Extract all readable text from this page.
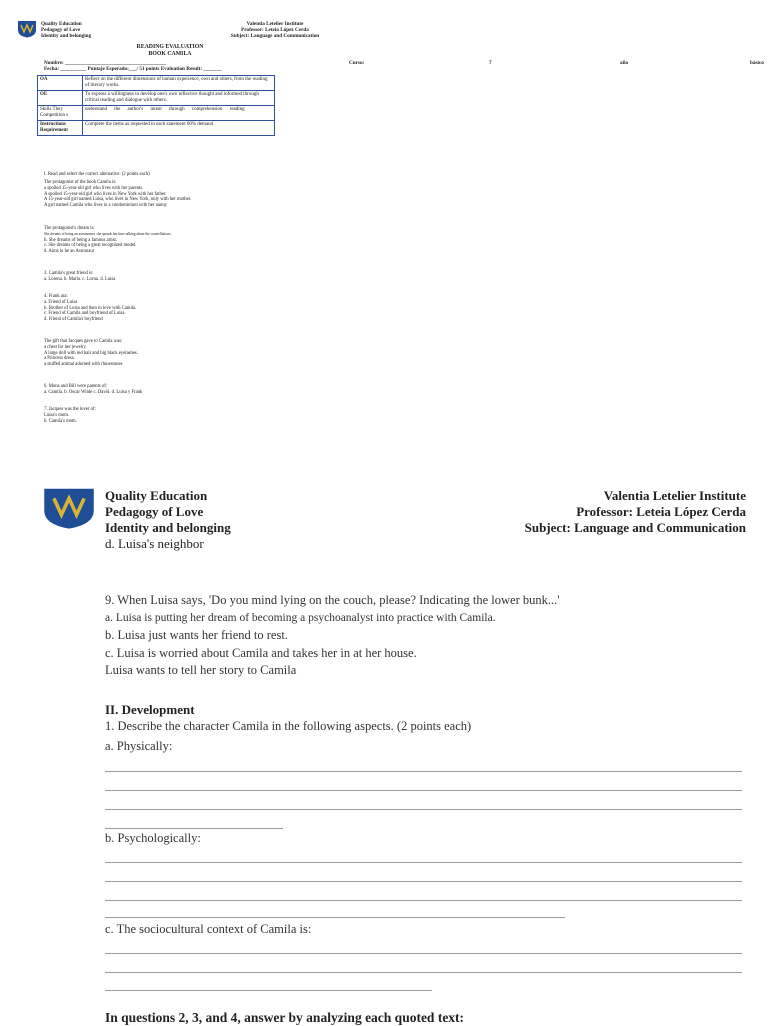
Quality Education
Pedagogy of Love
Identity and belonging
Valentia Letelier Institute
Professor: Leteia López Cerda
Subject: Language and Communication
READING EVALUATION
BOOK CAMILA
Nombre: _______________________________________
Fecha: __________ Puntaje Esperado:___/ 51 points Evaluation Result: _______
Curso:	7	año	básico
OA	Reflect on the different dimensions of human experience, own and others, from the reading of literary works.
OE	To express a willingness to develop one's own reflective thought and informed through critical reading and dialogue with others.
Skills They Competition s	understand the author's intent through comprehension reading
Instructions Requirement	Complete the items as requested in each statement 60% demand
I. Read and select the correct alternative: (2 points each)
The protagonist of the book Camila is:
a spoiled 15-year-old girl who lives with her parents.
A spoiled 15-year-old girl who lives in New York with her father.
A 15-year-old girl named Luisa, who lives in New York, only with her mother.
A girl named Camila who lives in a condominium with her nanny
The protagonist's dream is:
She dreams of being an astronomer, she spends her time talking about the constellations.
b. She dreams of being a famous artist.
c. She dreams of being a great recognized model.
d. Aims to be an Astronaut
3. Camila's great friend is:
a. Lorena. b. Marla. c. Lorna. d. Luisa
4. Frank ara:
a. Friend of Luisa
b. Brother of Luisa and then in love with Camila.
c. Friend of Camila and boyfriend of Luisa.
d. Friend of Camila's boyfriend
The gift that Jacques gave to Camila was:
a chest for her jewelry.
A large doll with red hair and big black eyelashes.
a Princess dress.
a stuffed animal adorned with rhinestones
6. Mona and Bill were parents of:
a. Camila. b. Oscar Wilde c. David. d. Luisa y Frank
7. Jacques was the lover of:
Luisa's mom.
b. Camila's mom.
Quality Education
Pedagogy of Love
Identity and belonging
d. Luisa's neighbor
Valentia Letelier Institute
Professor: Leteia López Cerda
Subject: Language and Communication
9. When Luisa says, 'Do you mind lying on the couch, please? Indicating the lower bunk...'
a. Luisa is putting her dream of becoming a psychoanalyst into practice with Camila.
b. Luisa just wants her friend to rest.
c. Luisa is worried about Camila and takes her in at her house.
Luisa wants to tell her story to Camila
II. Development
1. Describe the character Camila in the following aspects. (2 points each)
a. Physically:
b. Psychologically:
c. The sociocultural context of Camila is:
In questions 2, 3, and 4, answer by analyzing each quoted text:
